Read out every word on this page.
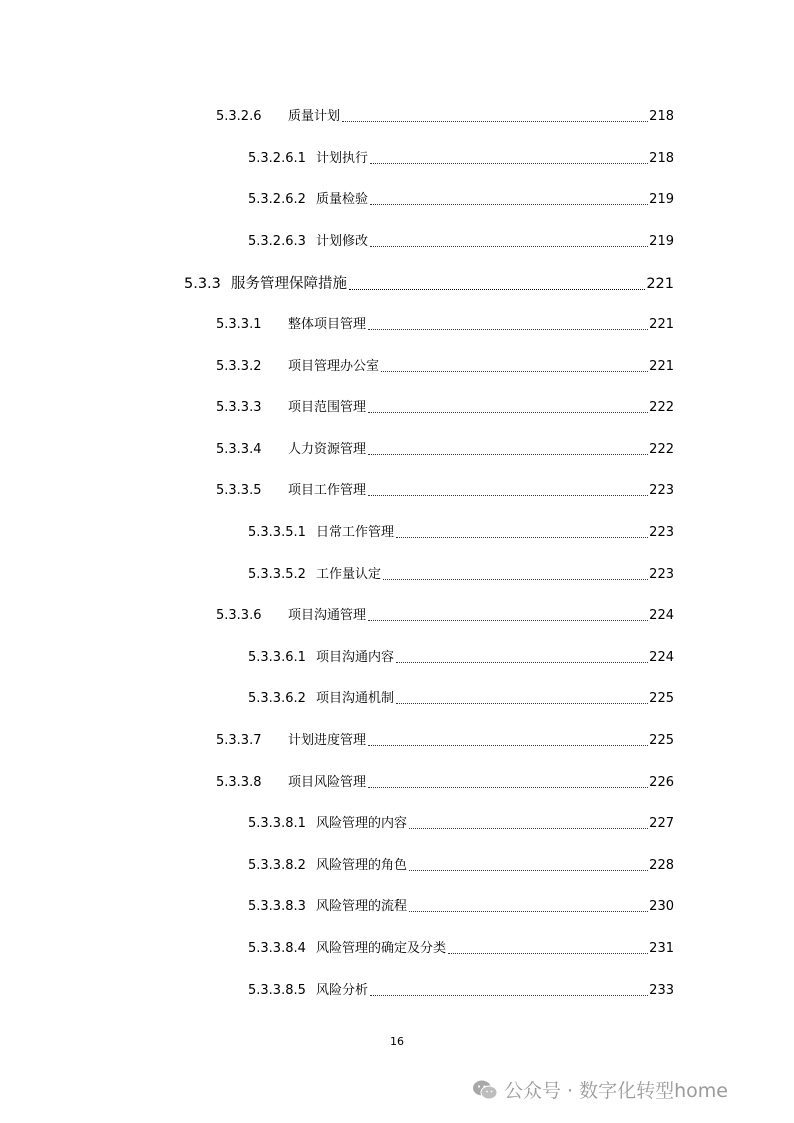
5.3.2.6	质量计划	218
5.3.2.6.1 计划执行	218
5.3.2.6.2 质量检验	219
5.3.2.6.3 计划修改	219
5.3.3 服务管理保障措施	221
5.3.3.1	整体项目管理	221
5.3.3.2	项目管理办公室	221
5.3.3.3	项目范围管理	222
5.3.3.4	人力资源管理	222
5.3.3.5	项目工作管理	223
5.3.3.5.1 日常工作管理	223
5.3.3.5.2 工作量认定	223
5.3.3.6	项目沟通管理	224
5.3.3.6.1 项目沟通内容	224
5.3.3.6.2 项目沟通机制	225
5.3.3.7	计划进度管理	225
5.3.3.8	项目风险管理	226
5.3.3.8.1 风险管理的内容	227
5.3.3.8.2 风险管理的角色	228
5.3.3.8.3 风险管理的流程	230
5.3.3.8.4 风险管理的确定及分类	231
5.3.3.8.5 风险分析	233
16
公众号 · 数字化转型home
